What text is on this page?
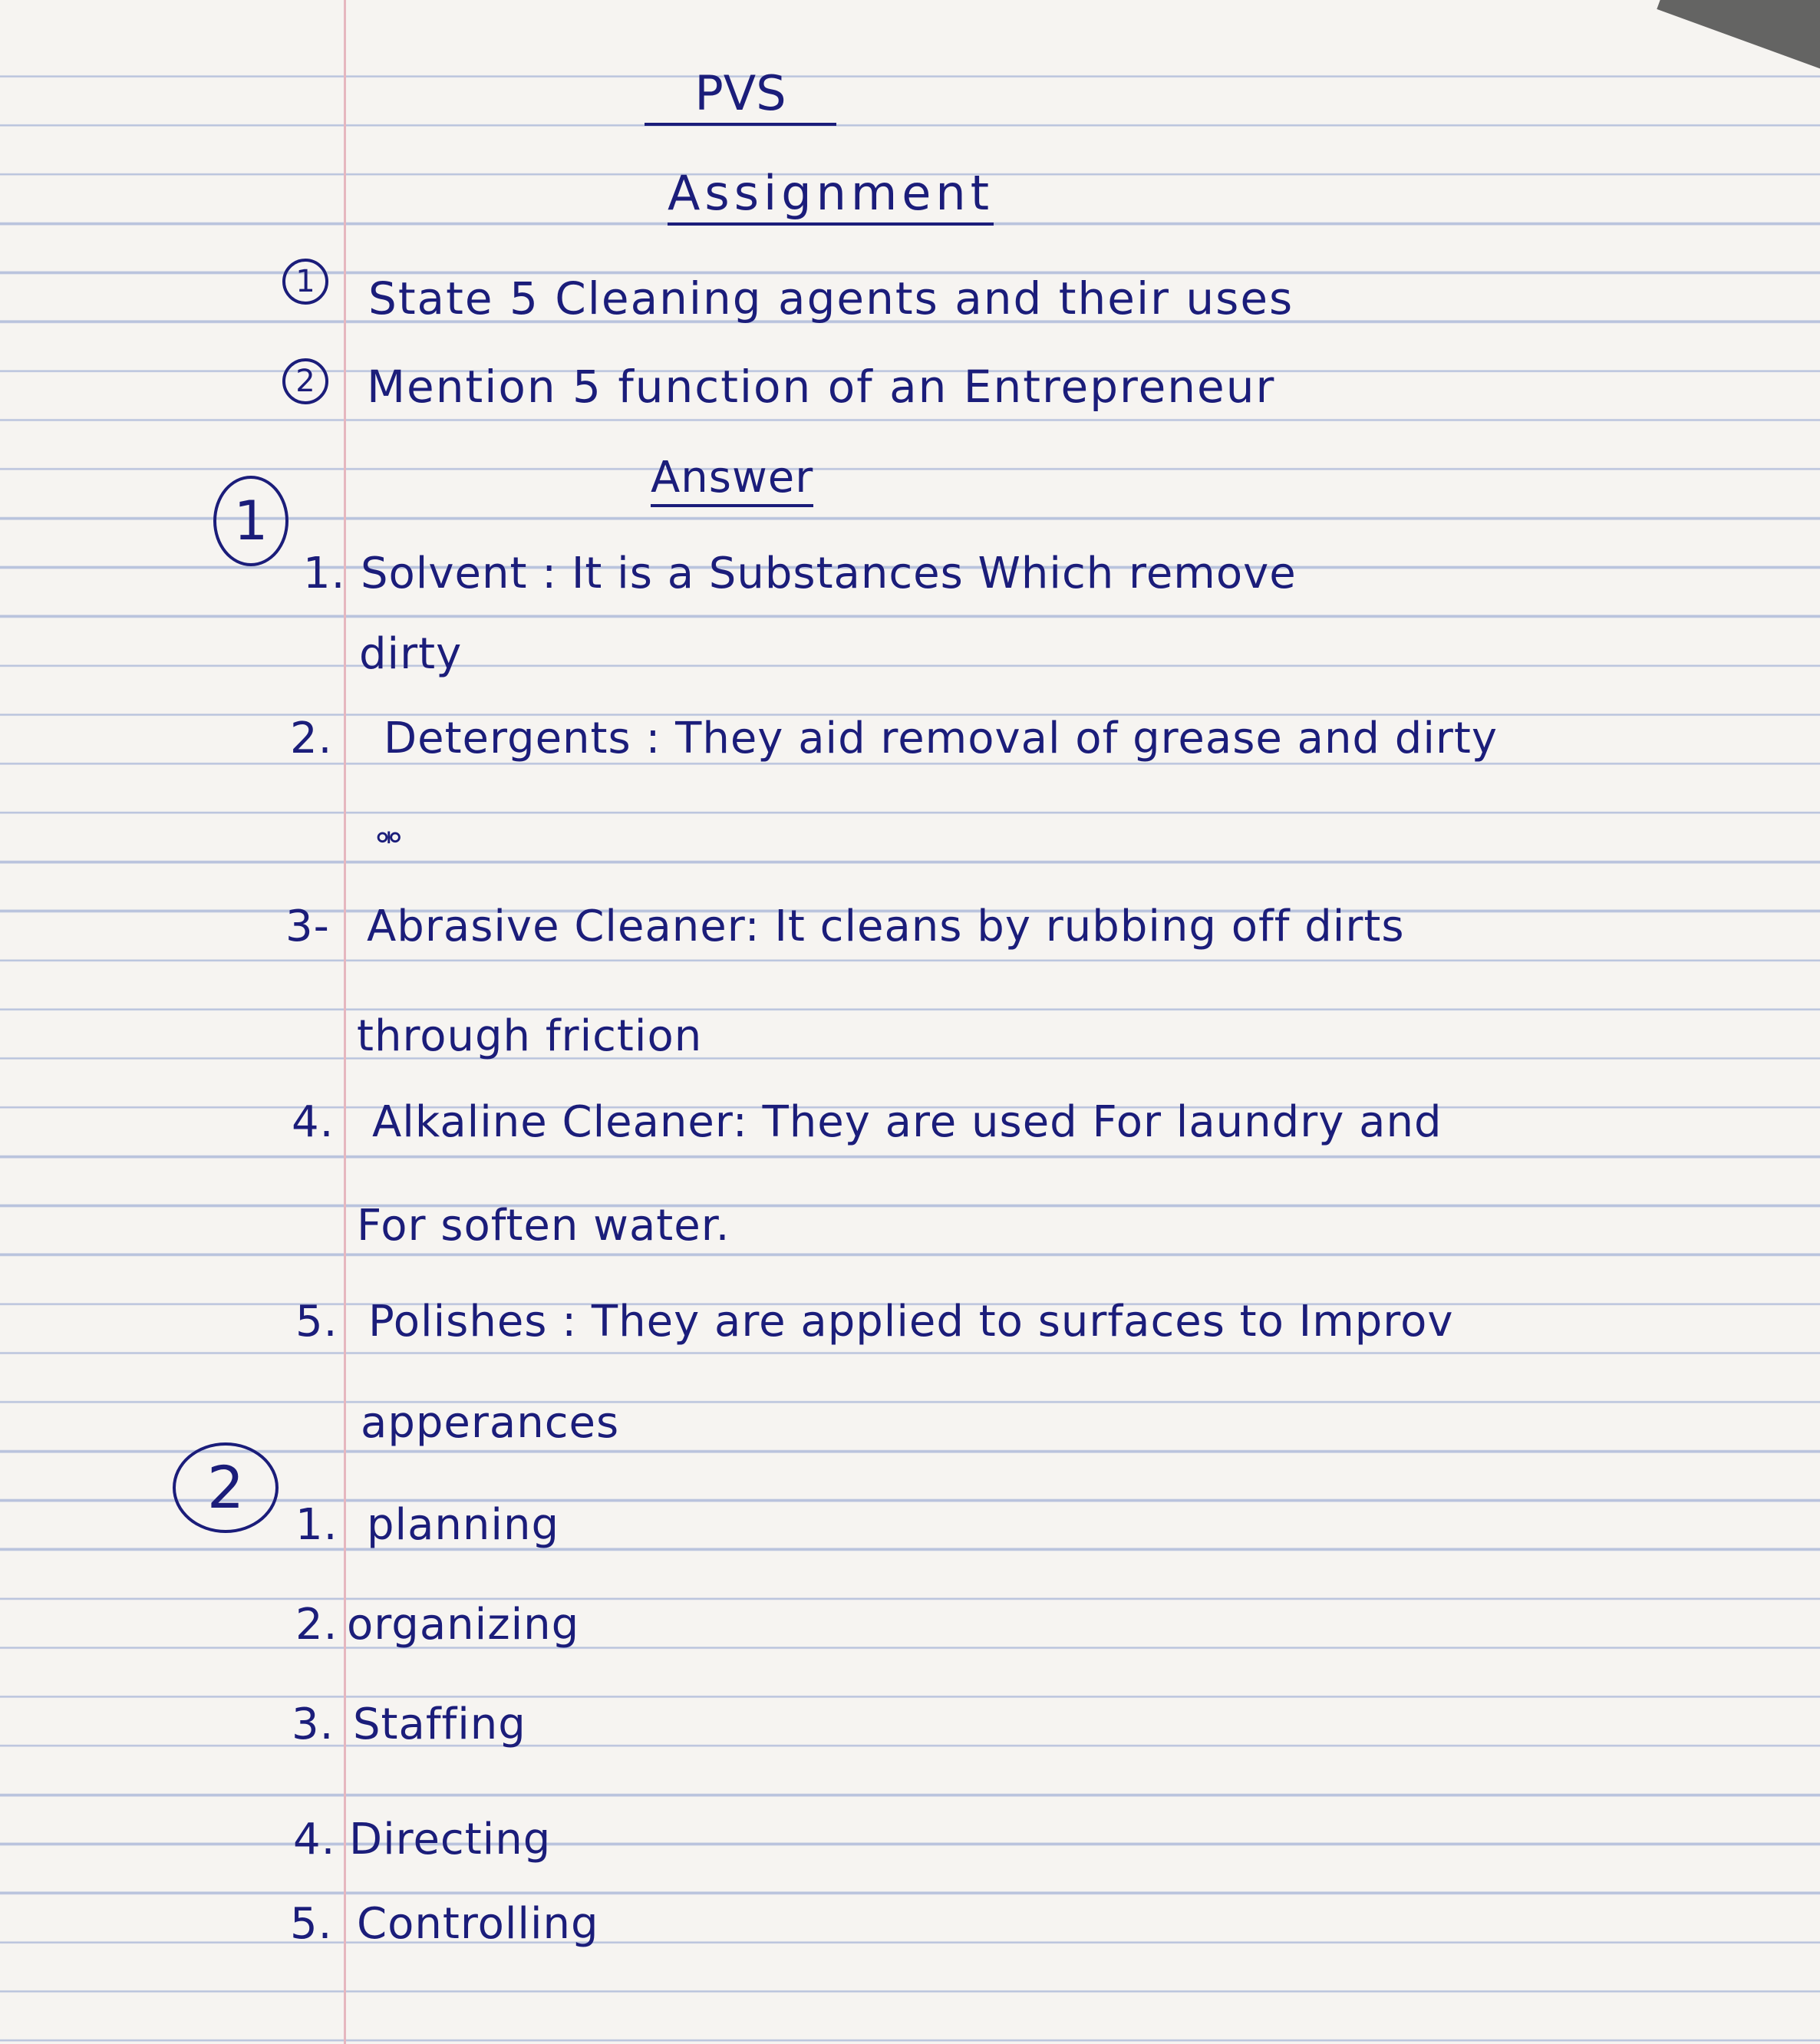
PVS
Assignment
1 State 5 Cleaning agents and their uses
2 Mention 5 function of an Entrepreneur
Answer
1
1. Solvent : It is a Substances Which remove
dirty
2. Detergents : They aid removal of grease and dirty
⚮
3- Abrasive Cleaner: It cleans by rubbing off dirts
through friction
4. Alkaline Cleaner: They are used For laundry and
For soften water.
5. Polishes : They are applied to surfaces to Improv
apperances
2
1. planning
2. organizing
3. Staffing
4. Directing
5. Controlling
